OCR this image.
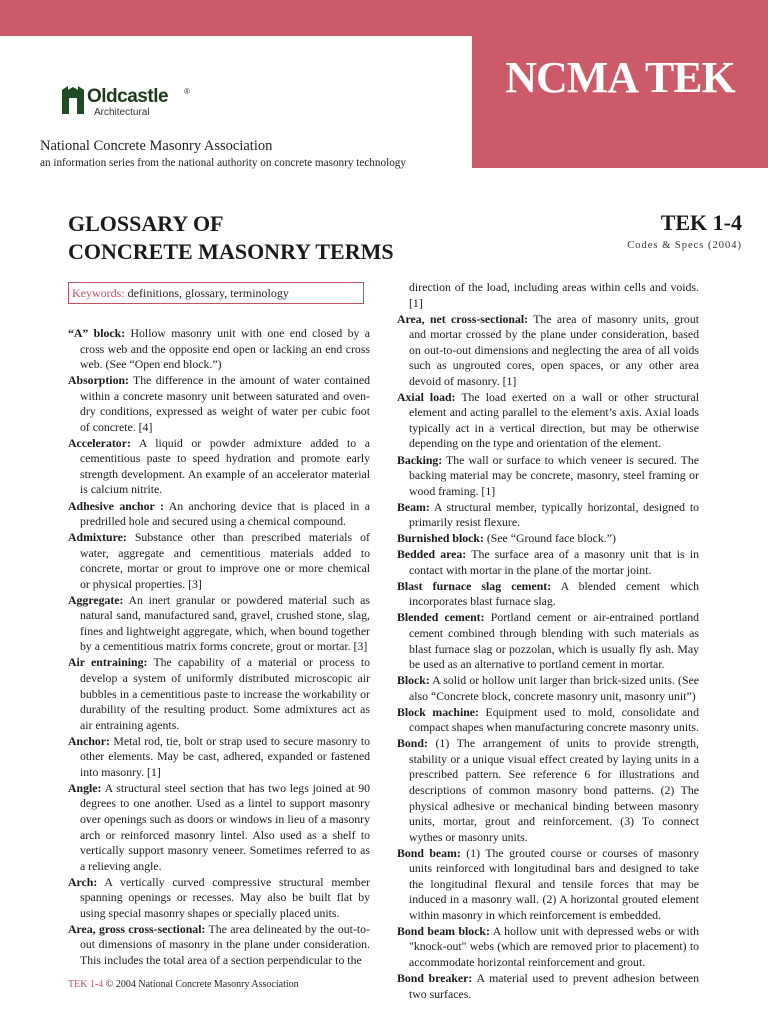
NCMA TEK
Oldcastle ®
Architectural
National Concrete Masonry Association
an information series from the national authority on concrete masonry technology
GLOSSARY OF
CONCRETE MASONRY TERMS
TEK 1-4
Codes & Specs (2004)
Keywords: definitions, glossary, terminology
“A” block: Hollow masonry unit with one end closed by a cross web and the opposite end open or lacking an end cross web. (See “Open end block.”)
Absorption: The difference in the amount of water contained within a concrete masonry unit between saturated and oven-dry conditions, expressed as weight of water per cubic foot of concrete. [4]
Accelerator: A liquid or powder admixture added to a cementitious paste to speed hydration and promote early strength development. An example of an accelerator material is calcium nitrite.
Adhesive anchor : An anchoring device that is placed in a predrilled hole and secured using a chemical compound.
Admixture: Substance other than prescribed materials of water, aggregate and cementitious materials added to concrete, mortar or grout to improve one or more chemical or physical properties. [3]
Aggregate: An inert granular or powdered material such as natural sand, manufactured sand, gravel, crushed stone, slag, fines and lightweight aggregate, which, when bound together by a cementitious matrix forms concrete, grout or mortar. [3]
Air entraining: The capability of a material or process to develop a system of uniformly distributed microscopic air bubbles in a cementitious paste to increase the workability or durability of the resulting product. Some admixtures act as air entraining agents.
Anchor: Metal rod, tie, bolt or strap used to secure masonry to other elements. May be cast, adhered, expanded or fastened into masonry. [1]
Angle: A structural steel section that has two legs joined at 90 degrees to one another. Used as a lintel to support masonry over openings such as doors or windows in lieu of a masonry arch or reinforced masonry lintel. Also used as a shelf to vertically support masonry veneer. Sometimes referred to as a relieving angle.
Arch: A vertically curved compressive structural member spanning openings or recesses. May also be built flat by using special masonry shapes or specially placed units.
Area, gross cross-sectional: The area delineated by the out-to-out dimensions of masonry in the plane under consideration. This includes the total area of a section perpendicular to the
direction of the load, including areas within cells and voids. [1]
Area, net cross-sectional: The area of masonry units, grout and mortar crossed by the plane under consideration, based on out-to-out dimensions and neglecting the area of all voids such as ungrouted cores, open spaces, or any other area devoid of masonry. [1]
Axial load: The load exerted on a wall or other structural element and acting parallel to the element’s axis. Axial loads typically act in a vertical direction, but may be otherwise depending on the type and orientation of the element.
Backing: The wall or surface to which veneer is secured. The backing material may be concrete, masonry, steel framing or wood framing. [1]
Beam: A structural member, typically horizontal, designed to primarily resist flexure.
Burnished block: (See “Ground face block.”)
Bedded area: The surface area of a masonry unit that is in contact with mortar in the plane of the mortar joint.
Blast furnace slag cement: A blended cement which incorporates blast furnace slag.
Blended cement: Portland cement or air-entrained portland cement combined through blending with such materials as blast furnace slag or pozzolan, which is usually fly ash. May be used as an alternative to portland cement in mortar.
Block: A solid or hollow unit larger than brick-sized units. (See also “Concrete block, concrete masonry unit, masonry unit”)
Block machine: Equipment used to mold, consolidate and compact shapes when manufacturing concrete masonry units.
Bond: (1) The arrangement of units to provide strength, stability or a unique visual effect created by laying units in a prescribed pattern. See reference 6 for illustrations and descriptions of common masonry bond patterns. (2) The physical adhesive or mechanical binding between masonry units, mortar, grout and reinforcement. (3) To connect wythes or masonry units.
Bond beam: (1) The grouted course or courses of masonry units reinforced with longitudinal bars and designed to take the longitudinal flexural and tensile forces that may be induced in a masonry wall. (2) A horizontal grouted element within masonry in which reinforcement is embedded.
Bond beam block: A hollow unit with depressed webs or with "knock-out" webs (which are removed prior to placement) to accommodate horizontal reinforcement and grout.
Bond breaker: A material used to prevent adhesion between two surfaces.
TEK 1-4 © 2004 National Concrete Masonry Association
